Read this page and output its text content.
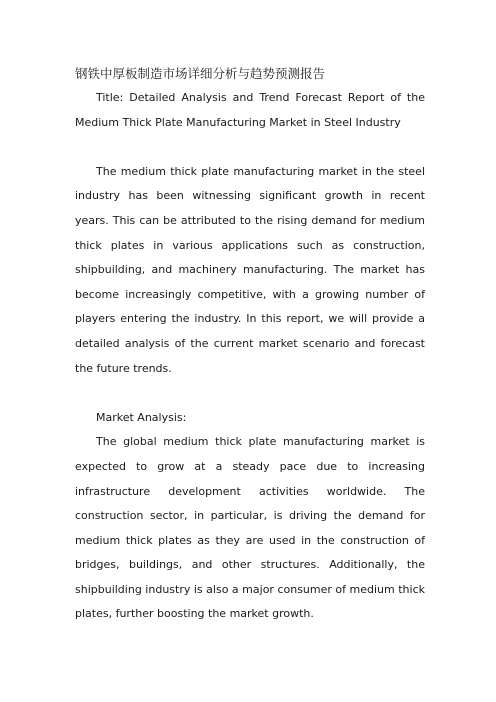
钢铁中厚板制造市场详细分析与趋势预测报告

Title: Detailed Analysis and Trend Forecast Report of the Medium Thick Plate Manufacturing Market in Steel Industry

The medium thick plate manufacturing market in the steel industry has been witnessing significant growth in recent years. This can be attributed to the rising demand for medium thick plates in various applications such as construction, shipbuilding, and machinery manufacturing. The market has become increasingly competitive, with a growing number of players entering the industry. In this report, we will provide a detailed analysis of the current market scenario and forecast the future trends.

Market Analysis:

The global medium thick plate manufacturing market is expected to grow at a steady pace due to increasing infrastructure development activities worldwide. The construction sector, in particular, is driving the demand for medium thick plates as they are used in the construction of bridges, buildings, and other structures. Additionally, the shipbuilding industry is also a major consumer of medium thick plates, further boosting the market growth.
